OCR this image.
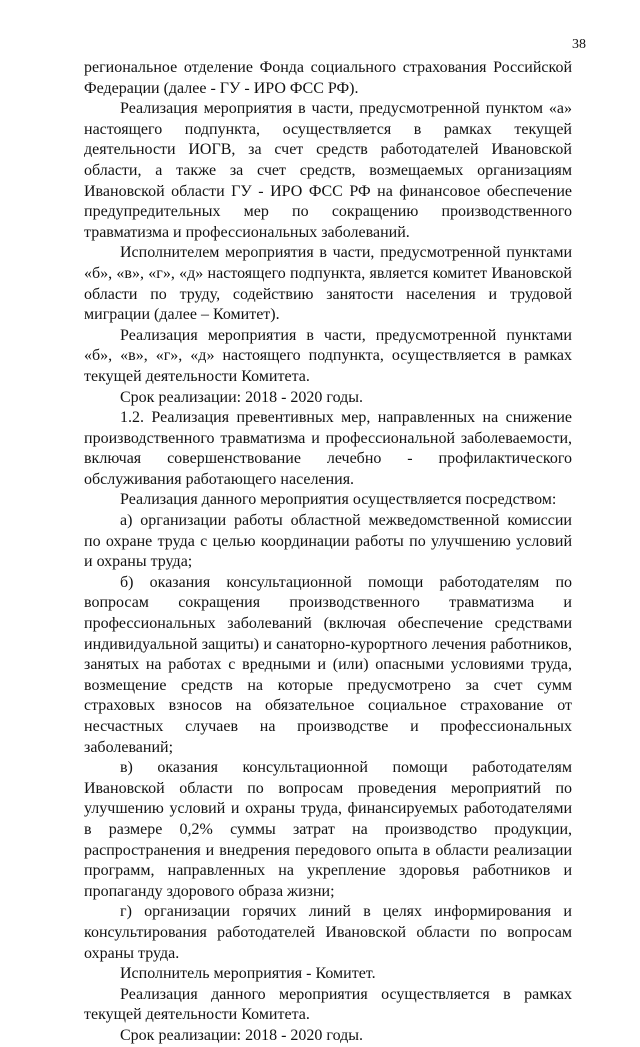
38

региональное отделение Фонда социального страхования Российской Федерации (далее - ГУ - ИРО ФСС РФ).

Реализация мероприятия в части, предусмотренной пунктом «а» настоящего подпункта, осуществляется в рамках текущей деятельности ИОГВ, за счет средств работодателей Ивановской области, а также за счет средств, возмещаемых организациям Ивановской области ГУ - ИРО ФСС РФ на финансовое обеспечение предупредительных мер по сокращению производственного травматизма и профессиональных заболеваний.

Исполнителем мероприятия в части, предусмотренной пунктами «б», «в», «г», «д» настоящего подпункта, является комитет Ивановской области по труду, содействию занятости населения и трудовой миграции (далее – Комитет).

Реализация мероприятия в части, предусмотренной пунктами «б», «в», «г», «д» настоящего подпункта, осуществляется в рамках текущей деятельности Комитета.

Срок реализации: 2018 - 2020 годы.

1.2. Реализация превентивных мер, направленных на снижение производственного травматизма и профессиональной заболеваемости, включая совершенствование лечебно - профилактического обслуживания работающего населения.

Реализация данного мероприятия осуществляется посредством:

а) организации работы областной межведомственной комиссии по охране труда с целью координации работы по улучшению условий и охраны труда;

б) оказания консультационной помощи работодателям по вопросам сокращения производственного травматизма и профессиональных заболеваний (включая обеспечение средствами индивидуальной защиты) и санаторно-курортного лечения работников, занятых на работах с вредными и (или) опасными условиями труда, возмещение средств на которые предусмотрено за счет сумм страховых взносов на обязательное социальное страхование от несчастных случаев на производстве и профессиональных заболеваний;

в) оказания консультационной помощи работодателям Ивановской области по вопросам проведения мероприятий по улучшению условий и охраны труда, финансируемых работодателями в размере 0,2% суммы затрат на производство продукции, распространения и внедрения передового опыта в области реализации программ, направленных на укрепление здоровья работников и пропаганду здорового образа жизни;

г) организации горячих линий в целях информирования и консультирования работодателей Ивановской области по вопросам охраны труда.

Исполнитель мероприятия - Комитет.

Реализация данного мероприятия осуществляется в рамках текущей деятельности Комитета.

Срок реализации: 2018 - 2020 годы.
